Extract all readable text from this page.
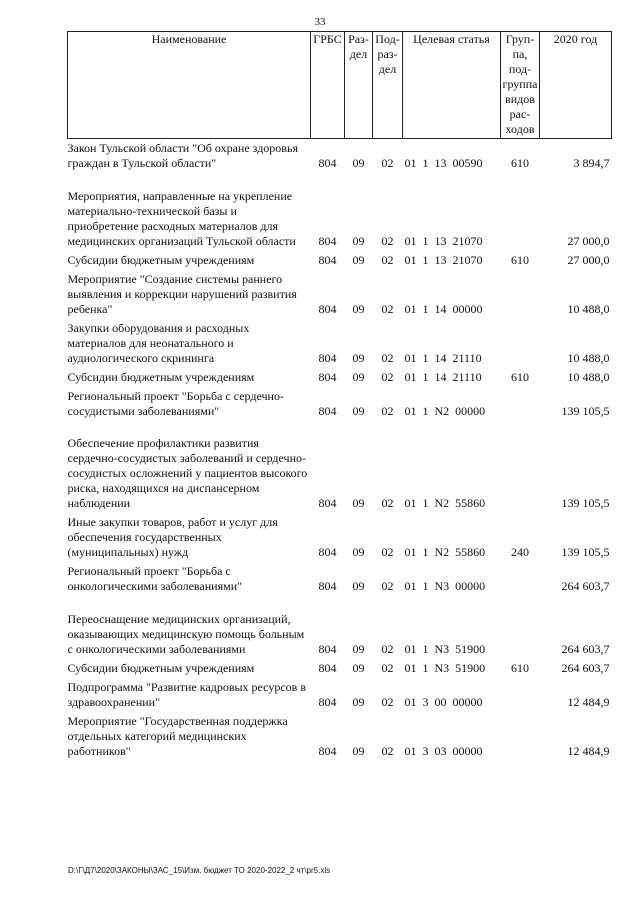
33
Наименование	ГРБС	Раз- дел	Под- раз- дел	Целевая статья	Груп- па, под- группа видов рас- ходов	2020 год
Закон Тульской области "Об охране здоровья граждан в Тульской области"	804	09	02	01 1 13 00590	610	3 894,7
Мероприятия, направленные на укрепление материально-технической базы и приобретение расходных материалов для медицинских организаций Тульской области	804	09	02	01 1 13 21070		27 000,0
Субсидии бюджетным учреждениям	804	09	02	01 1 13 21070	610	27 000,0
Мероприятие "Создание системы раннего выявления и коррекции нарушений развития ребенка"	804	09	02	01 1 14 00000		10 488,0
Закупки оборудования и расходных материалов для неонатального и аудиологического скрининга	804	09	02	01 1 14 21110		10 488,0
Субсидии бюджетным учреждениям	804	09	02	01 1 14 21110	610	10 488,0
Региональный проект "Борьба с сердечно-сосудистыми заболеваниями"	804	09	02	01 1 N2 00000		139 105,5
Обеспечение профилактики развития сердечно-сосудистых заболеваний и сердечно-сосудистых осложнений у пациентов высокого риска, находящихся на диспансерном наблюдении	804	09	02	01 1 N2 55860		139 105,5
Иные закупки товаров, работ и услуг для обеспечения государственных (муниципальных) нужд	804	09	02	01 1 N2 55860	240	139 105,5
Региональный проект "Борьба с онкологическими заболеваниями"	804	09	02	01 1 N3 00000		264 603,7
Переоснащение медицинских организаций, оказывающих медицинскую помощь больным с онкологическими заболеваниями	804	09	02	01 1 N3 51900		264 603,7
Субсидии бюджетным учреждениям	804	09	02	01 1 N3 51900	610	264 603,7
Подпрограмма "Развитие кадровых ресурсов в здравоохранении"	804	09	02	01 3 00 00000		12 484,9
Мероприятие "Государственная поддержка отдельных категорий медицинских работников"	804	09	02	01 3 03 00000		12 484,9
D:\Г\Д7\2020\ЗАКОНЫ\ЗАС_15\Изм. бюджет ТО 2020-2022_2 чт\pr5.xls
